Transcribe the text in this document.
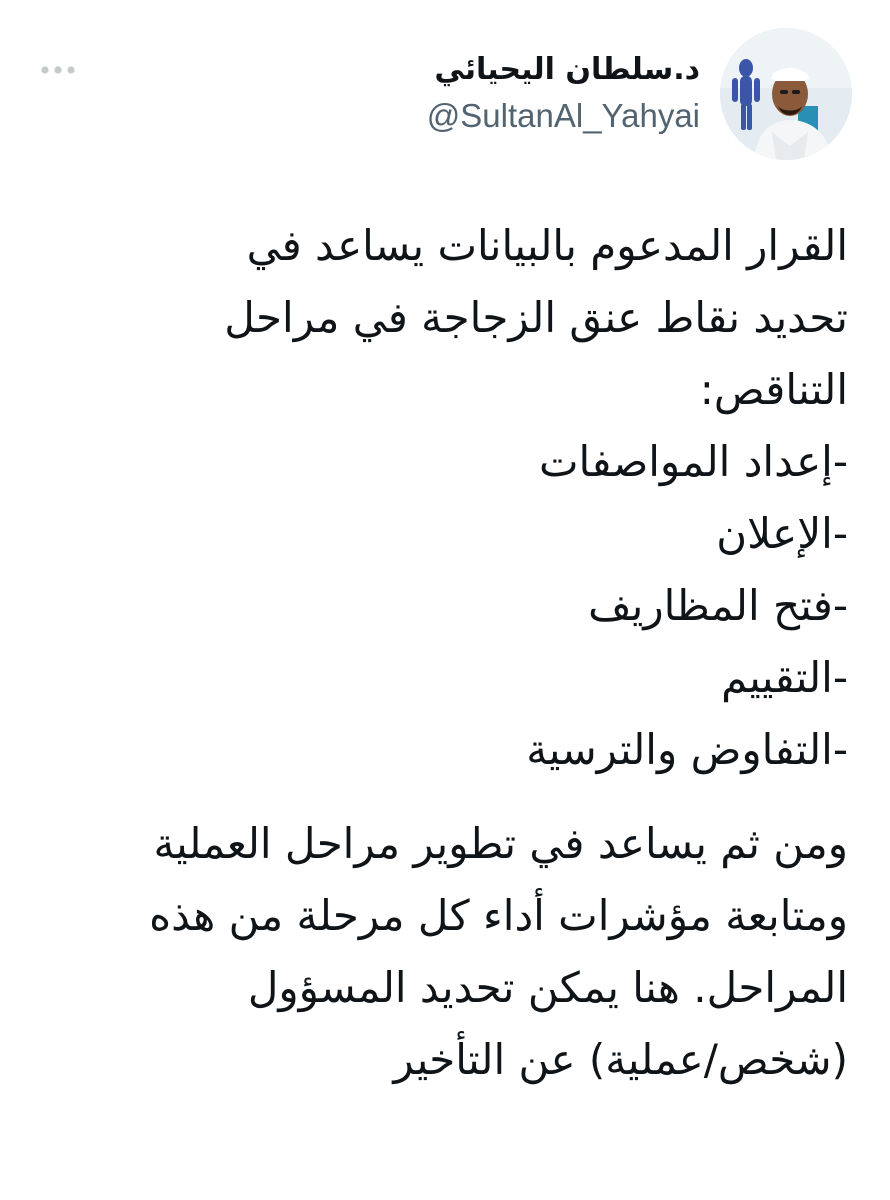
د.سلطان اليحيائي
@SultanAl_Yahyai
القرار المدعوم بالبيانات يساعد في
تحديد نقاط عنق الزجاجة في مراحل
التناقص:
-إعداد المواصفات
-الإعلان
-فتح المظاريف
-التقييم
-التفاوض والترسية
ومن ثم يساعد في تطوير مراحل العملية
ومتابعة مؤشرات أداء كل مرحلة من هذه
المراحل. هنا يمكن تحديد المسؤول
(شخص/عملية) عن التأخير
